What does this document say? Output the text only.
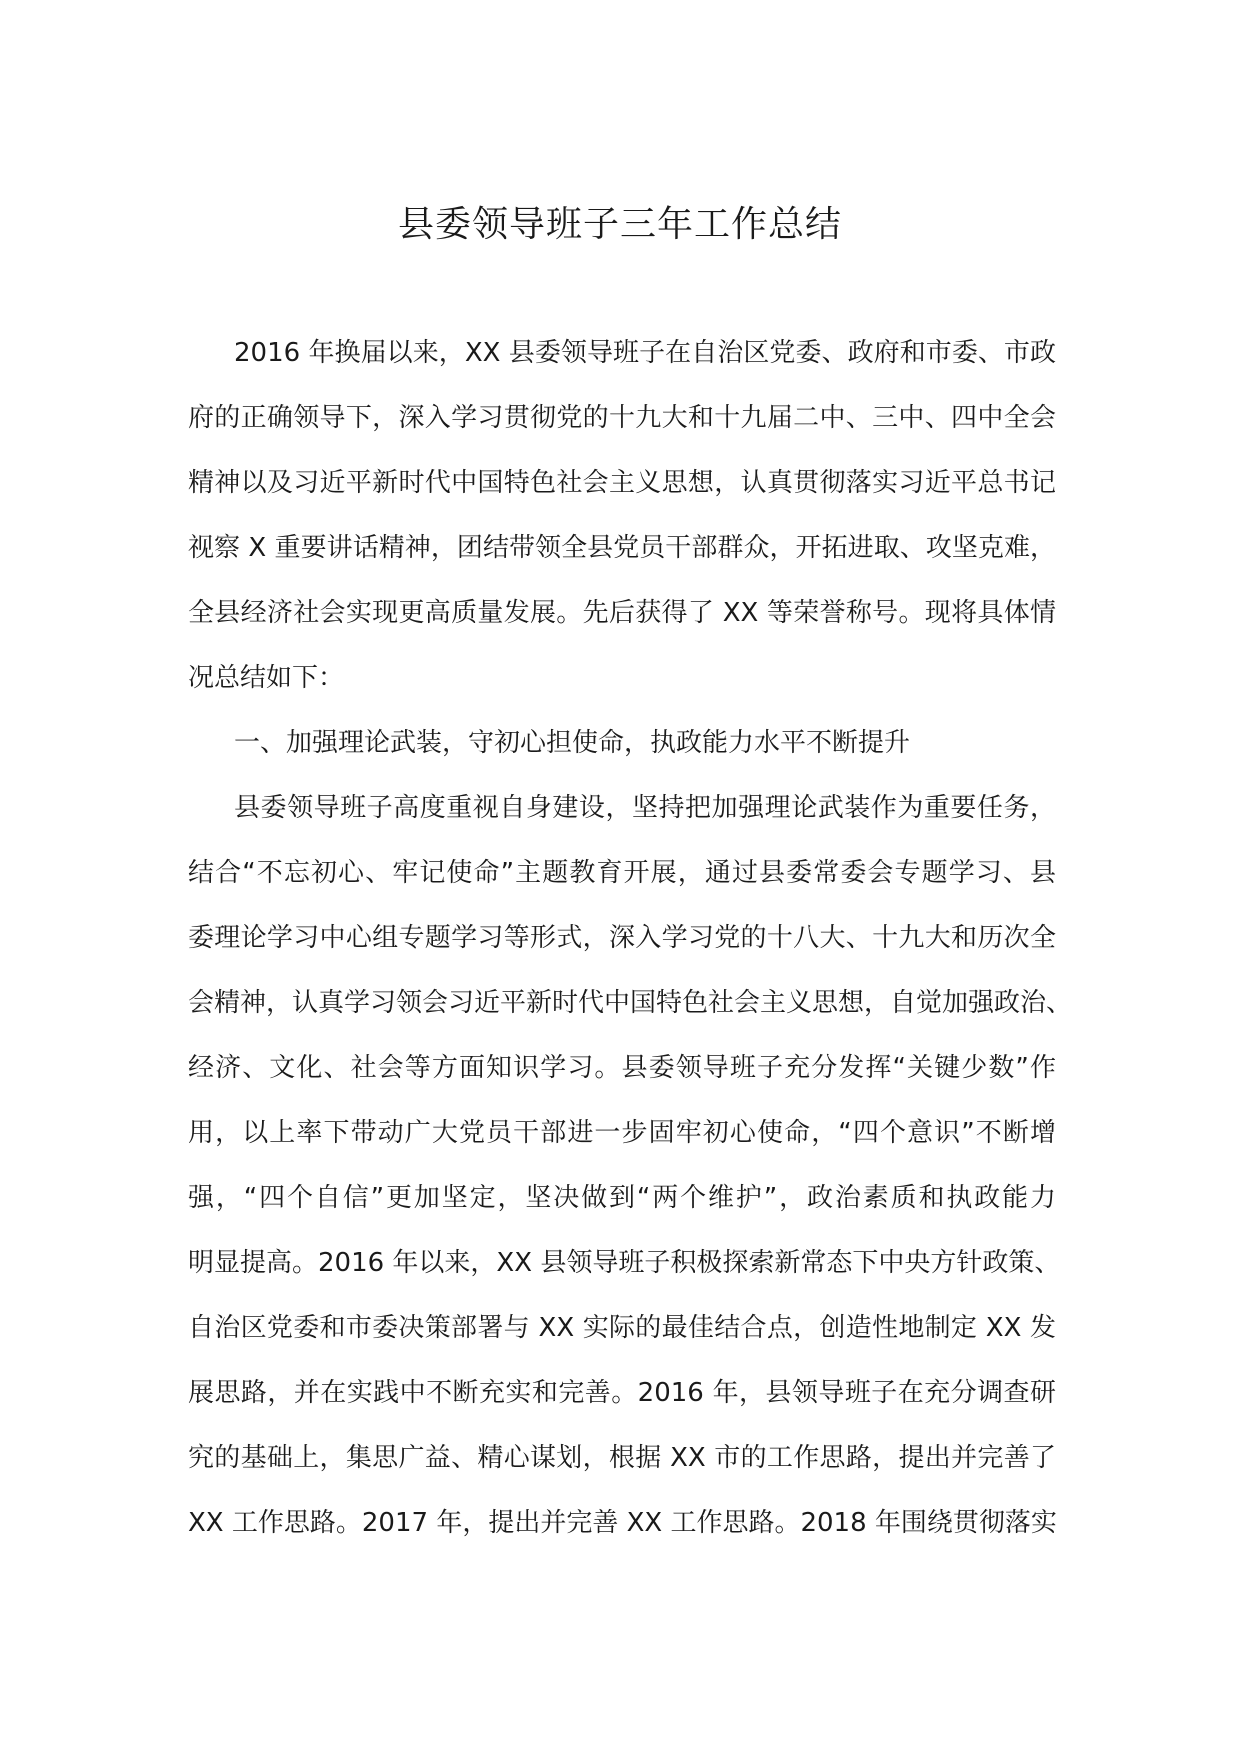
县委领导班子三年工作总结
2016 年换届以来，XX 县委领导班子在自治区党委、政府和市委、市政
府的正确领导下，深入学习贯彻党的十九大和十九届二中、三中、四中全会
精神以及习近平新时代中国特色社会主义思想，认真贯彻落实习近平总书记
视察 X 重要讲话精神，团结带领全县党员干部群众，开拓进取、攻坚克难，
全县经济社会实现更高质量发展。先后获得了 XX 等荣誉称号。现将具体情
况总结如下：
一、加强理论武装，守初心担使命，执政能力水平不断提升
县委领导班子高度重视自身建设，坚持把加强理论武装作为重要任务，
结合“不忘初心、牢记使命”主题教育开展，通过县委常委会专题学习、县
委理论学习中心组专题学习等形式，深入学习党的十八大、十九大和历次全
会精神，认真学习领会习近平新时代中国特色社会主义思想，自觉加强政治、
经济、文化、社会等方面知识学习。县委领导班子充分发挥“关键少数”作
用，以上率下带动广大党员干部进一步固牢初心使命，“四个意识”不断增
强，“四个自信”更加坚定，坚决做到“两个维护”，政治素质和执政能力
明显提高。2016 年以来，XX 县领导班子积极探索新常态下中央方针政策、
自治区党委和市委决策部署与 XX 实际的最佳结合点，创造性地制定 XX 发
展思路，并在实践中不断充实和完善。2016 年，县领导班子在充分调查研
究的基础上，集思广益、精心谋划，根据 XX 市的工作思路，提出并完善了
XX 工作思路。2017 年，提出并完善 XX 工作思路。2018 年围绕贯彻落实
